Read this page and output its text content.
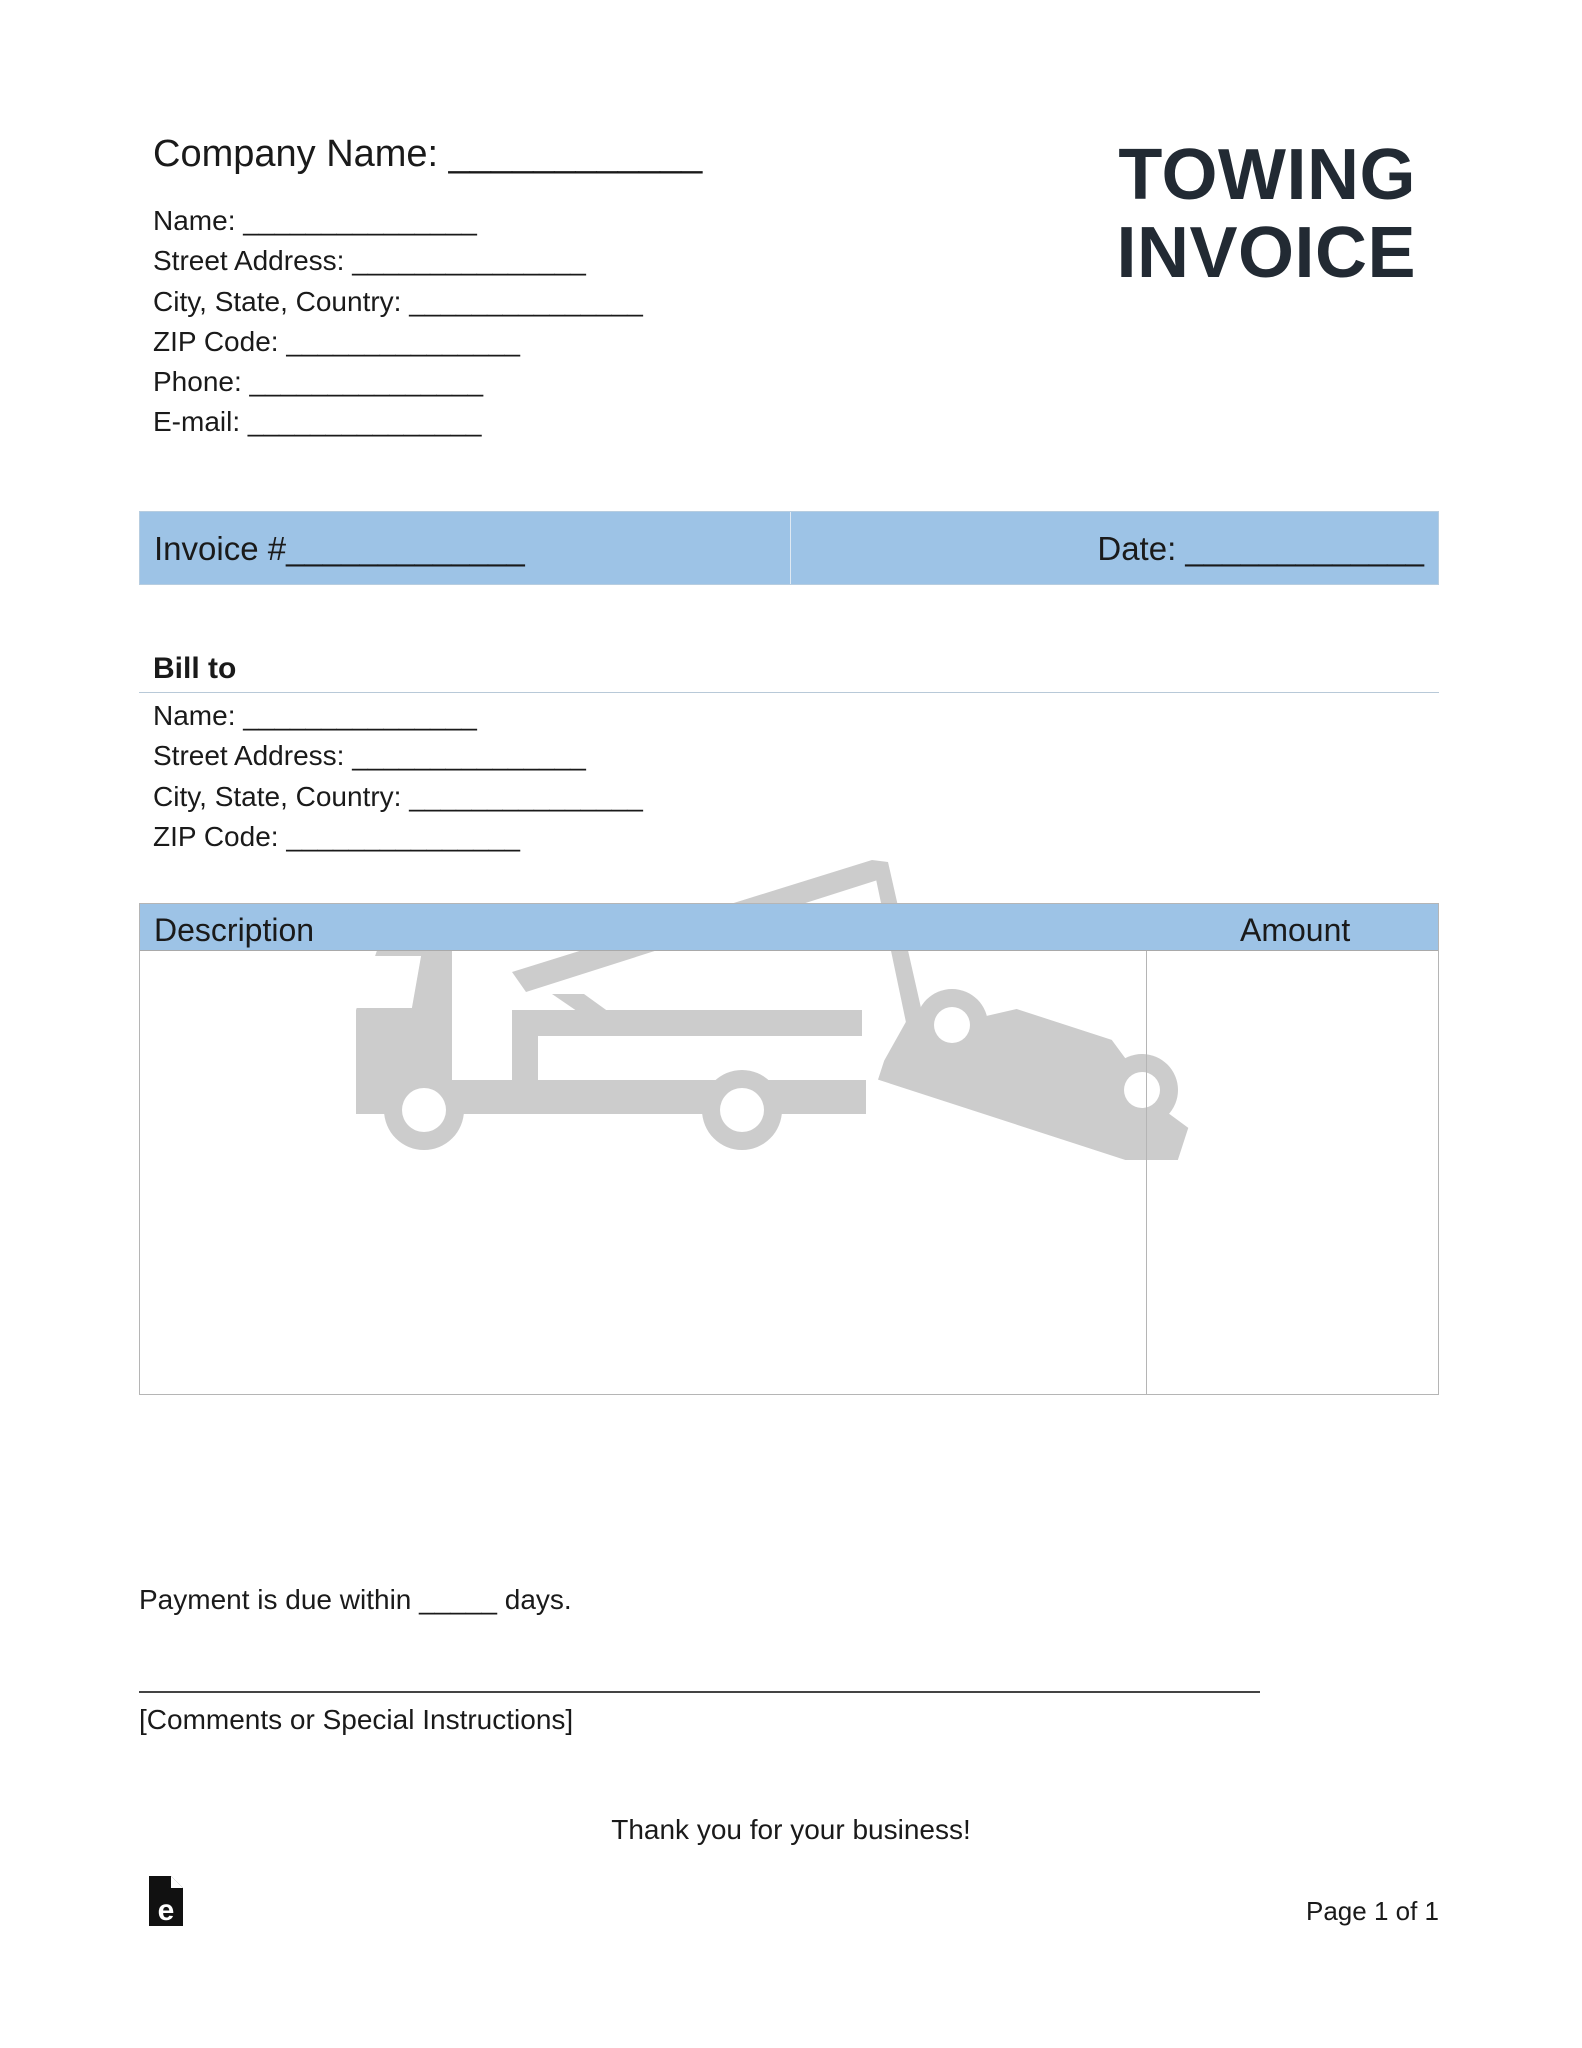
Company Name: ____________
Name: _______________
Street Address: _______________
City, State, Country: _______________
ZIP Code: _______________
Phone: _______________
E-mail: _______________
TOWING
INVOICE
Invoice #_____________	Date: _____________
Bill to
Name: _______________
Street Address: _______________
City, State, Country: _______________
ZIP Code: _______________
Description	Amount
Payment is due within _____ days.
[Comments or Special Instructions]
Thank you for your business!
e	Page 1 of 1
